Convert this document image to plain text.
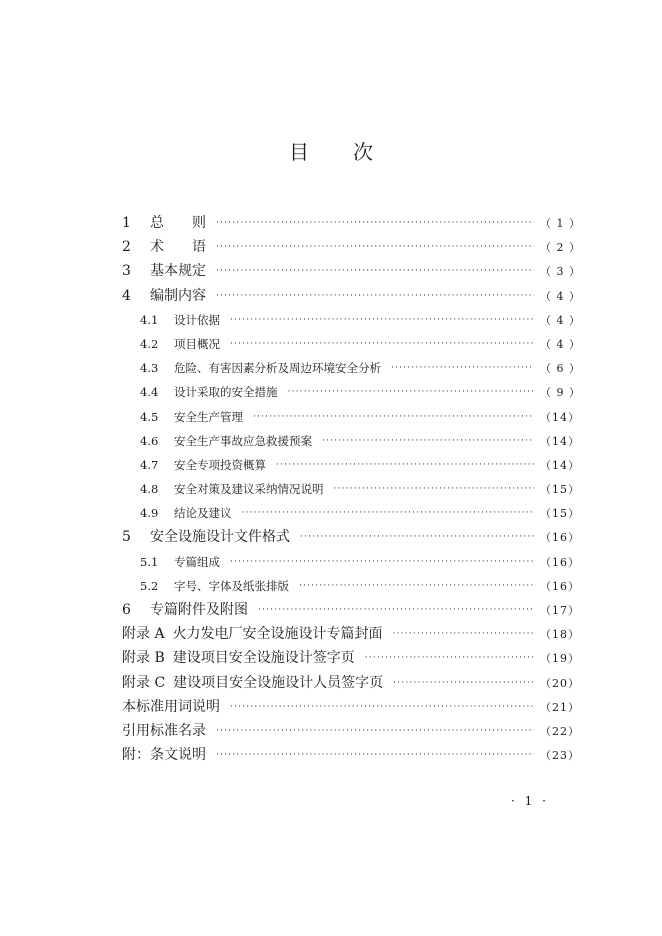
目 次
1	总　　则 ·····	（ 1 ）
2	术　　语 ·····	（ 2 ）
3	基本规定 ·····	（ 3 ）
4	编制内容 ·····	（ 4 ）
4.1	设计依据 ·····	（ 4 ）
4.2	项目概况 ·····	（ 4 ）
4.3	危险、有害因素分析及周边环境安全分析 ·····	（ 6 ）
4.4	设计采取的安全措施 ·····	（ 9 ）
4.5	安全生产管理 ·····	（14）
4.6	安全生产事故应急救援预案 ·····	（14）
4.7	安全专项投资概算 ·····	（14）
4.8	安全对策及建议采纳情况说明 ·····	（15）
4.9	结论及建议 ·····	（15）
5	安全设施设计文件格式 ·····	（16）
5.1	专篇组成 ·····	（16）
5.2	字号、字体及纸张排版 ·····	（16）
6	专篇附件及附图 ·····	（17）
附录 A 火力发电厂安全设施设计专篇封面 ·····	（18）
附录 B 建设项目安全设施设计签字页 ·····	（19）
附录 C 建设项目安全设施设计人员签字页 ·····	（20）
本标准用词说明 ·····	（21）
引用标准名录 ·····	（22）
附：条文说明 ·····	（23）
· 1 ·
